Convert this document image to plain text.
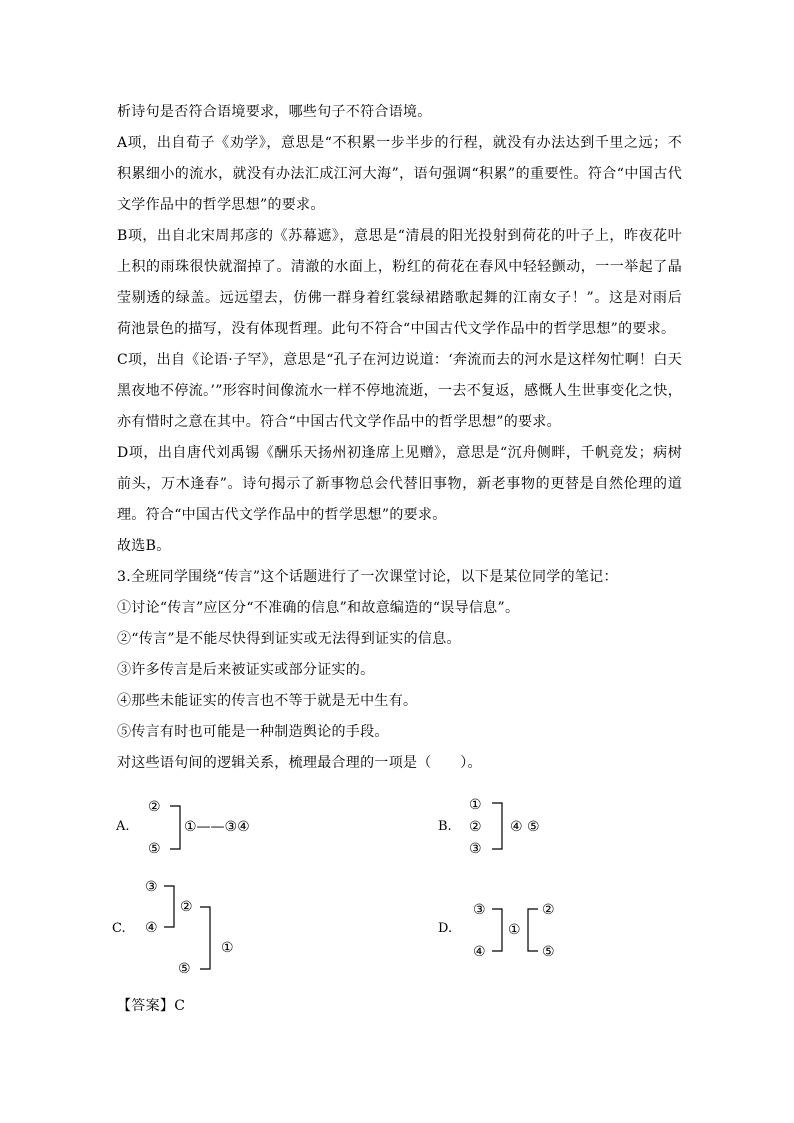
析诗句是否符合语境要求，哪些句子不符合语境。

A项，出自荀子《劝学》，意思是“不积累一步半步的行程，就没有办法达到千里之远；不积累细小的流水，就没有办法汇成江河大海”，语句强调“积累”的重要性。符合“中国古代文学作品中的哲学思想”的要求。

B项，出自北宋周邦彦的《苏幕遮》，意思是“清晨的阳光投射到荷花的叶子上，昨夜花叶上积的雨珠很快就溜掉了。清澈的水面上，粉红的荷花在春风中轻轻颤动，一一举起了晶莹剔透的绿盖。远远望去，仿佛一群身着红裳绿裙踏歌起舞的江南女子！”。这是对雨后荷池景色的描写，没有体现哲理。此句不符合“中国古代文学作品中的哲学思想”的要求。

C项，出自《论语·子罕》，意思是“孔子在河边说道：‘奔流而去的河水是这样匆忙啊！白天黑夜地不停流。’”形容时间像流水一样不停地流逝，一去不复返，感慨人生世事变化之快，亦有惜时之意在其中。符合“中国古代文学作品中的哲学思想”的要求。

D项，出自唐代刘禹锡《酬乐天扬州初逢席上见赠》，意思是“沉舟侧畔，千帆竞发；病树前头，万木逢春”。诗句揭示了新事物总会代替旧事物，新老事物的更替是自然伦理的道理。符合“中国古代文学作品中的哲学思想”的要求。

故选B。

3.全班同学围绕“传言”这个话题进行了一次课堂讨论，以下是某位同学的笔记：

①讨论“传言”应区分“不准确的信息”和故意编造的“误导信息”。

②“传言”是不能尽快得到证实或无法得到证实的信息。

③许多传言是后来被证实或部分证实的。

④那些未能证实的传言也不等于就是无中生有。

⑤传言有时也可能是一种制造舆论的手段。

对这些语句间的逻辑关系，梳理最合理的一项是（　　）。

A.
②
⑤
①——③④	B.
①
②
③
④ ⑤
C.
③
④
②
⑤
①
D.
③
④
①
②
⑤

【答案】C
